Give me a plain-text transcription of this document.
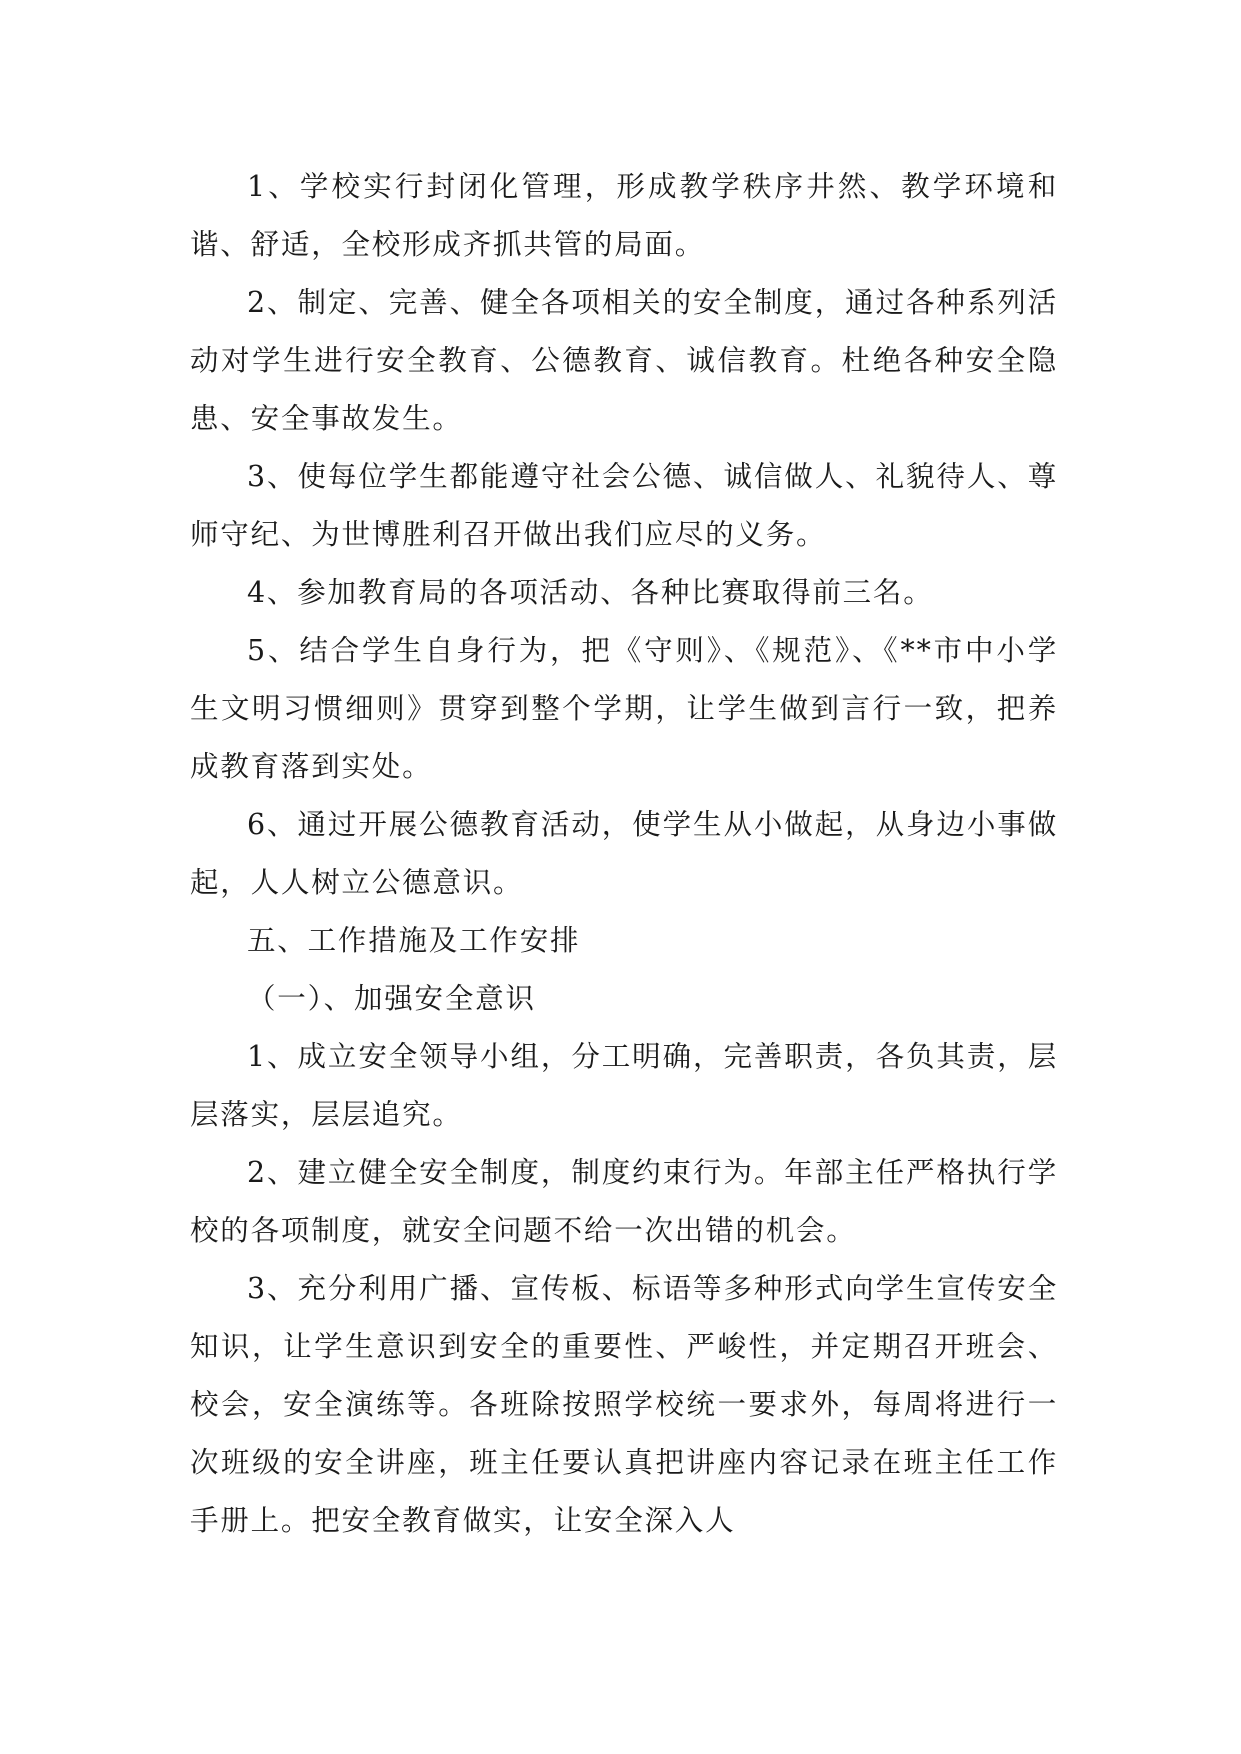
1、学校实行封闭化管理，形成教学秩序井然、教学环境和谐、舒适，全校形成齐抓共管的局面。

2、制定、完善、健全各项相关的安全制度，通过各种系列活动对学生进行安全教育、公德教育、诚信教育。杜绝各种安全隐患、安全事故发生。

3、使每位学生都能遵守社会公德、诚信做人、礼貌待人、尊师守纪、为世博胜利召开做出我们应尽的义务。

4、参加教育局的各项活动、各种比赛取得前三名。

5、结合学生自身行为，把《守则》、《规范》、《**市中小学生文明习惯细则》贯穿到整个学期，让学生做到言行一致，把养成教育落到实处。

6、通过开展公德教育活动，使学生从小做起，从身边小事做起，人人树立公德意识。

五、工作措施及工作安排

（一）、加强安全意识

1、成立安全领导小组，分工明确，完善职责，各负其责，层层落实，层层追究。

2、建立健全安全制度，制度约束行为。年部主任严格执行学校的各项制度，就安全问题不给一次出错的机会。

3、充分利用广播、宣传板、标语等多种形式向学生宣传安全知识，让学生意识到安全的重要性、严峻性，并定期召开班会、校会，安全演练等。各班除按照学校统一要求外，每周将进行一次班级的安全讲座，班主任要认真把讲座内容记录在班主任工作手册上。把安全教育做实，让安全深入人
